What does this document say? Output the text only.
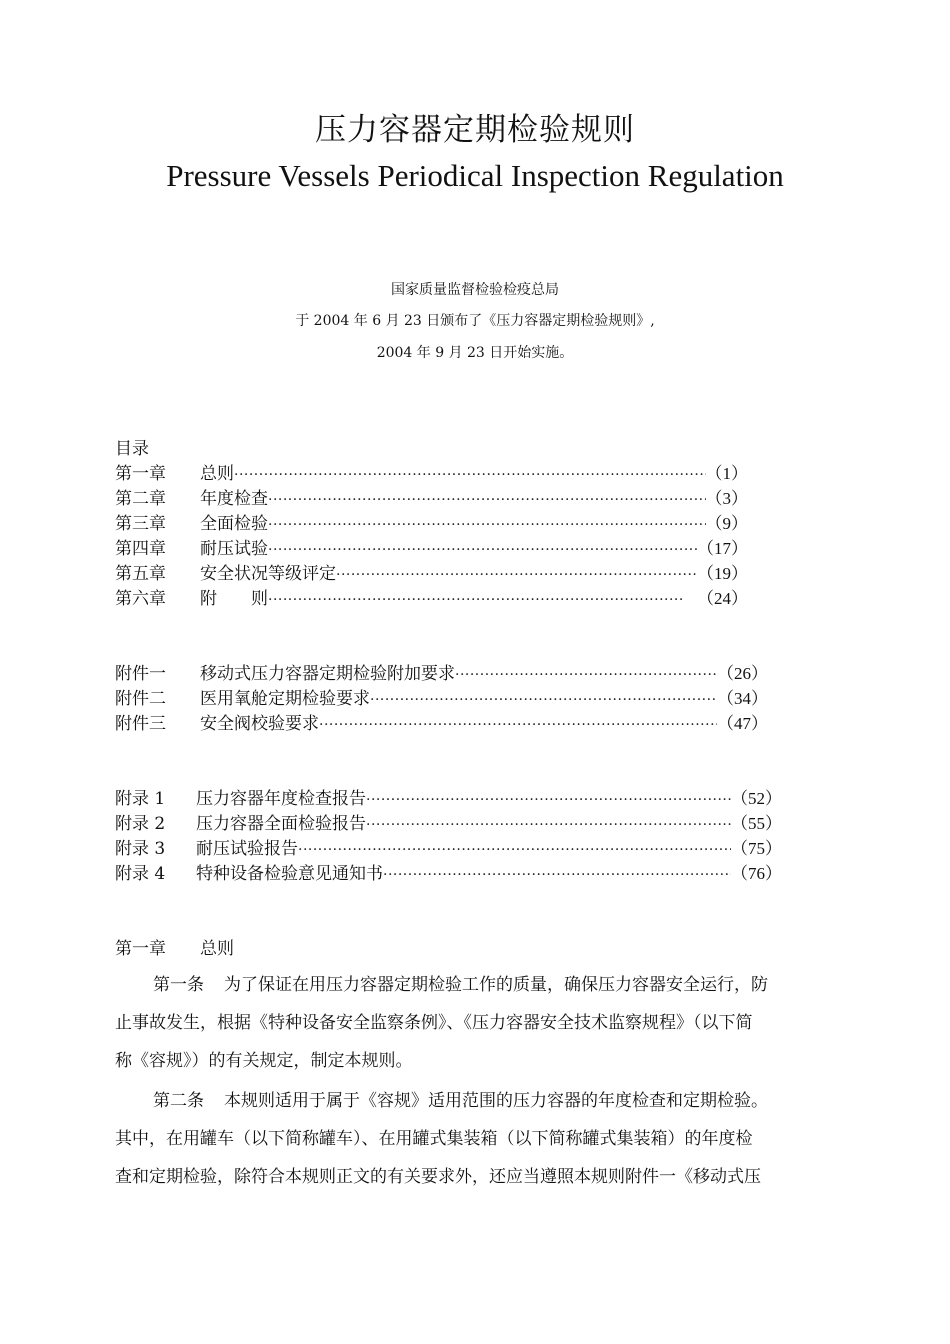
压力容器定期检验规则
Pressure Vessels Periodical Inspection Regulation
国家质量监督检验检疫总局
于 2004 年 6 月 23 日颁布了《压力容器定期检验规则》,
2004 年 9 月 23 日开始实施。
目录
第一章	总则 ·····	（1）
第二章	年度检查 ·····	（3）
第三章	全面检验 ·····	（9）
第四章	耐压试验 ·····	（17）
第五章	安全状况等级评定 ·····	（19）
第六章	附　　则 ·····	（24）
附件一	移动式压力容器定期检验附加要求 ·····	（26）
附件二	医用氧舱定期检验要求 ·····	（34）
附件三	安全阀校验要求 ·····	（47）
附录 1	压力容器年度检查报告 ·····	（52）
附录 2	压力容器全面检验报告 ·····	（55）
附录 3	耐压试验报告 ·····	（75）
附录 4	特种设备检验意见通知书 ·····	（76）
第一章 总则
第一条 为了保证在用压力容器定期检验工作的质量，确保压力容器安全运行，防
止事故发生，根据《特种设备安全监察条例》、《压力容器安全技术监察规程》（以下简
称《容规》）的有关规定，制定本规则。
第二条 本规则适用于属于《容规》适用范围的压力容器的年度检查和定期检验。
其中，在用罐车（以下简称罐车）、在用罐式集装箱（以下简称罐式集装箱）的年度检
查和定期检验，除符合本规则正文的有关要求外，还应当遵照本规则附件一《移动式压
